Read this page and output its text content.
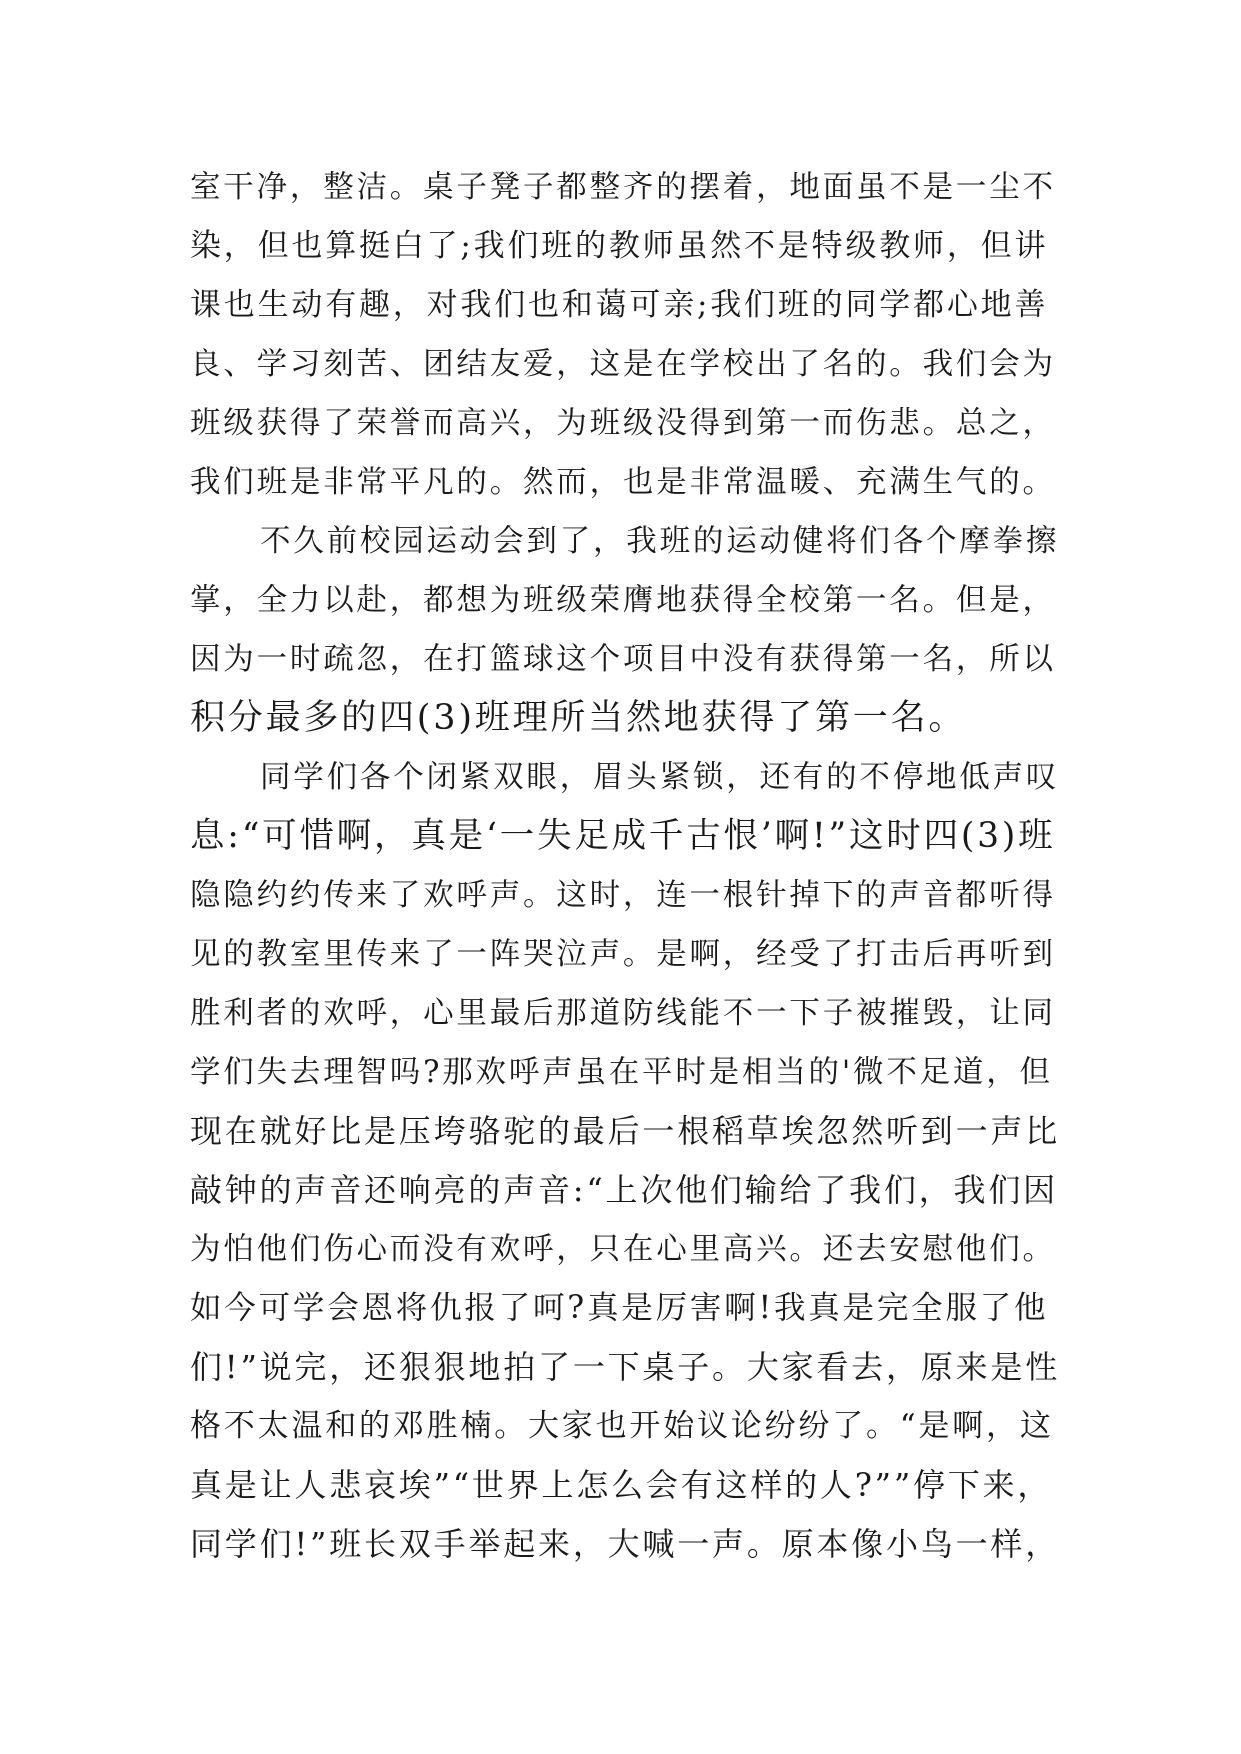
室干净，整洁。桌子凳子都整齐的摆着，地面虽不是一尘不
染，但也算挺白了;我们班的教师虽然不是特级教师，但讲
课也生动有趣，对我们也和蔼可亲;我们班的同学都心地善
良、学习刻苦、团结友爱，这是在学校出了名的。我们会为
班级获得了荣誉而高兴，为班级没得到第一而伤悲。总之，
我们班是非常平凡的。然而，也是非常温暖、充满生气的。
不久前校园运动会到了，我班的运动健将们各个摩拳擦
掌，全力以赴，都想为班级荣膺地获得全校第一名。但是，
因为一时疏忽，在打篮球这个项目中没有获得第一名，所以
积分最多的四(3)班理所当然地获得了第一名。
同学们各个闭紧双眼，眉头紧锁，还有的不停地低声叹
息:“可惜啊，真是‘一失足成千古恨’啊!”这时四(3)班
隐隐约约传来了欢呼声。这时，连一根针掉下的声音都听得
见的教室里传来了一阵哭泣声。是啊，经受了打击后再听到
胜利者的欢呼，心里最后那道防线能不一下子被摧毁，让同
学们失去理智吗?那欢呼声虽在平时是相当的'微不足道，但
现在就好比是压垮骆驼的最后一根稻草埃忽然听到一声比
敲钟的声音还响亮的声音:“上次他们输给了我们，我们因
为怕他们伤心而没有欢呼，只在心里高兴。还去安慰他们。
如今可学会恩将仇报了呵?真是厉害啊!我真是完全服了他
们!”说完，还狠狠地拍了一下桌子。大家看去，原来是性
格不太温和的邓胜楠。大家也开始议论纷纷了。“是啊，这
真是让人悲哀埃”“世界上怎么会有这样的人?””停下来，
同学们!”班长双手举起来，大喊一声。原本像小鸟一样，
